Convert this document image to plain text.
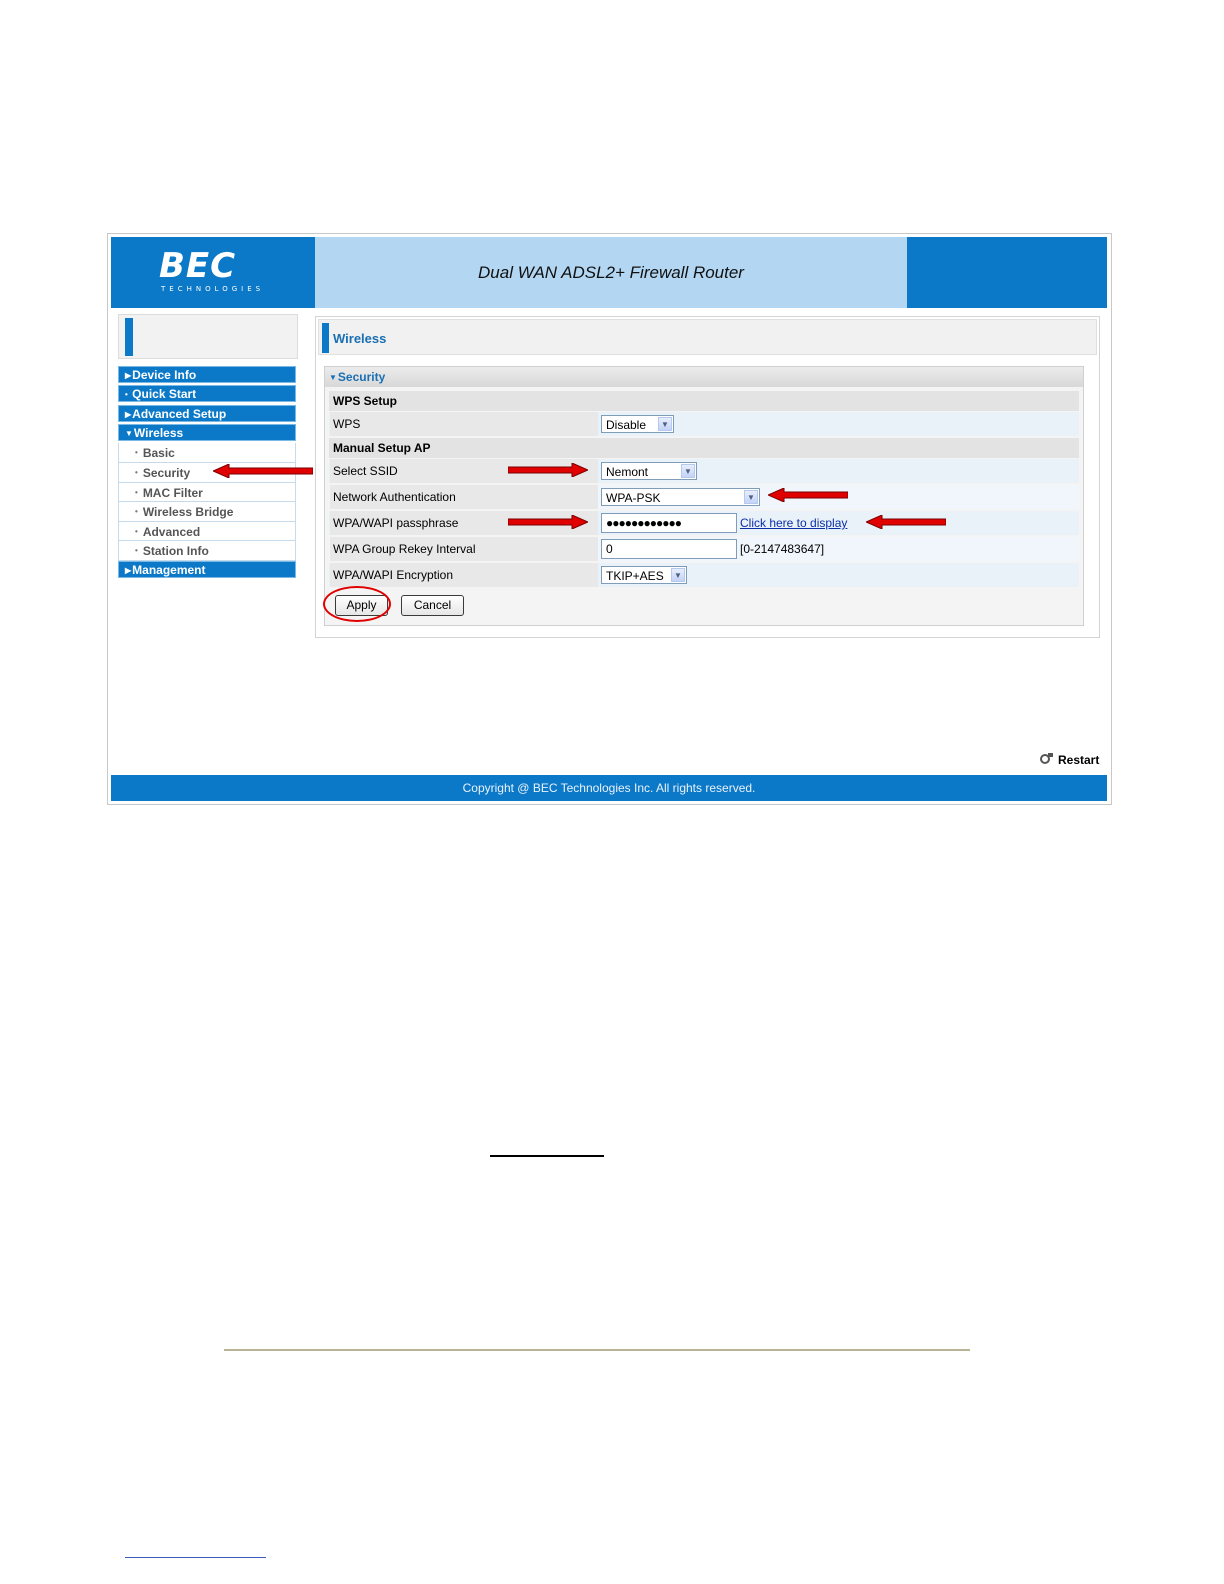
BEC
TECHNOLOGIES
Dual WAN ADSL2+ Firewall Router
▶Device Info
• Quick Start
▶Advanced Setup
▼Wireless
• Basic
• Security
• MAC Filter
• Wireless Bridge
• Advanced
• Station Info
▶Management
Wireless
▼Security
WPS Setup
WPS	Disable	▼
Manual Setup AP
Select SSID	Nemont	▼
Network Authentication	WPA-PSK	▼
WPA/WAPI passphrase	●●●●●●●●●●●●	Click here to display
WPA Group Rekey Interval	0	[0-2147483647]
WPA/WAPI Encryption	TKIP+AES	▼
Apply	Cancel
Restart
Copyright @ BEC Technologies Inc. All rights reserved.
